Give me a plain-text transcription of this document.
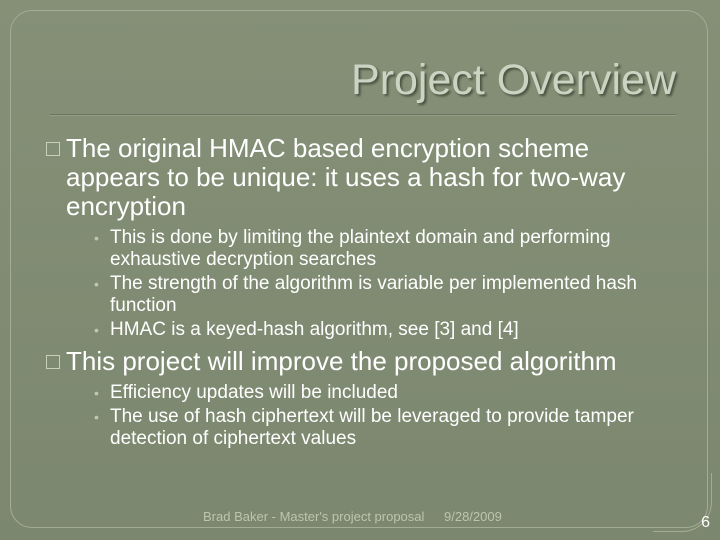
Project Overview
The original HMAC based encryption scheme appears to be unique: it uses a hash for two-way encryption
• This is done by limiting the plaintext domain and performing exhaustive decryption searches
• The strength of the algorithm is variable per implemented hash function
• HMAC is a keyed-hash algorithm, see [3] and [4]
This project will improve the proposed algorithm
• Efficiency updates will be included
• The use of hash ciphertext will be leveraged to provide tamper detection of ciphertext values
Brad Baker - Master's project proposal 9/28/2009	6
